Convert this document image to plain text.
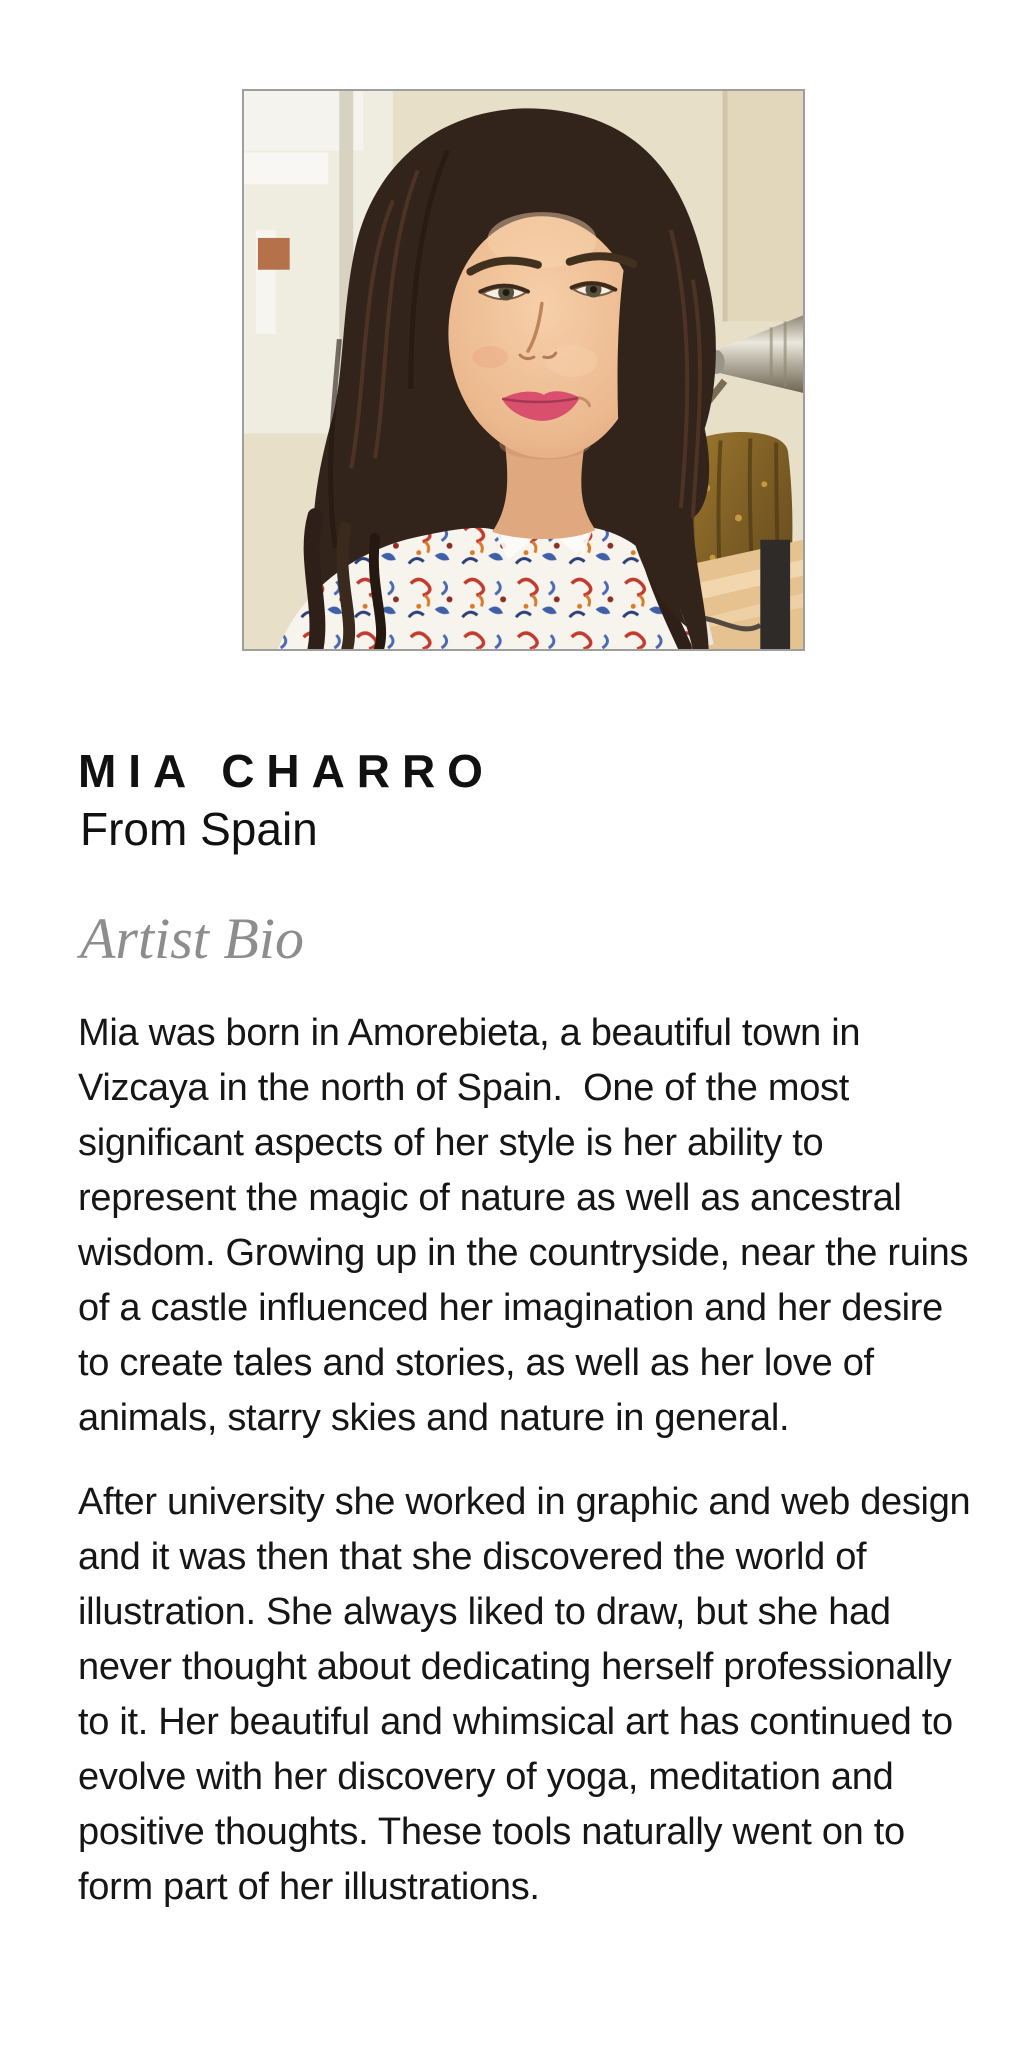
MIA CHARRO
From Spain
Artist Bio

Mia was born in Amorebieta, a beautiful town in Vizcaya in the north of Spain.  One of the most significant aspects of her style is her ability to represent the magic of nature as well as ancestral wisdom. Growing up in the countryside, near the ruins of a castle influenced her imagination and her desire to create tales and stories, as well as her love of animals, starry skies and nature in general.

After university she worked in graphic and web design and it was then that she discovered the world of illustration. She always liked to draw, but she had never thought about dedicating herself professionally to it. Her beautiful and whimsical art has continued to evolve with her discovery of yoga, meditation and positive thoughts. These tools naturally went on to form part of her illustrations.
